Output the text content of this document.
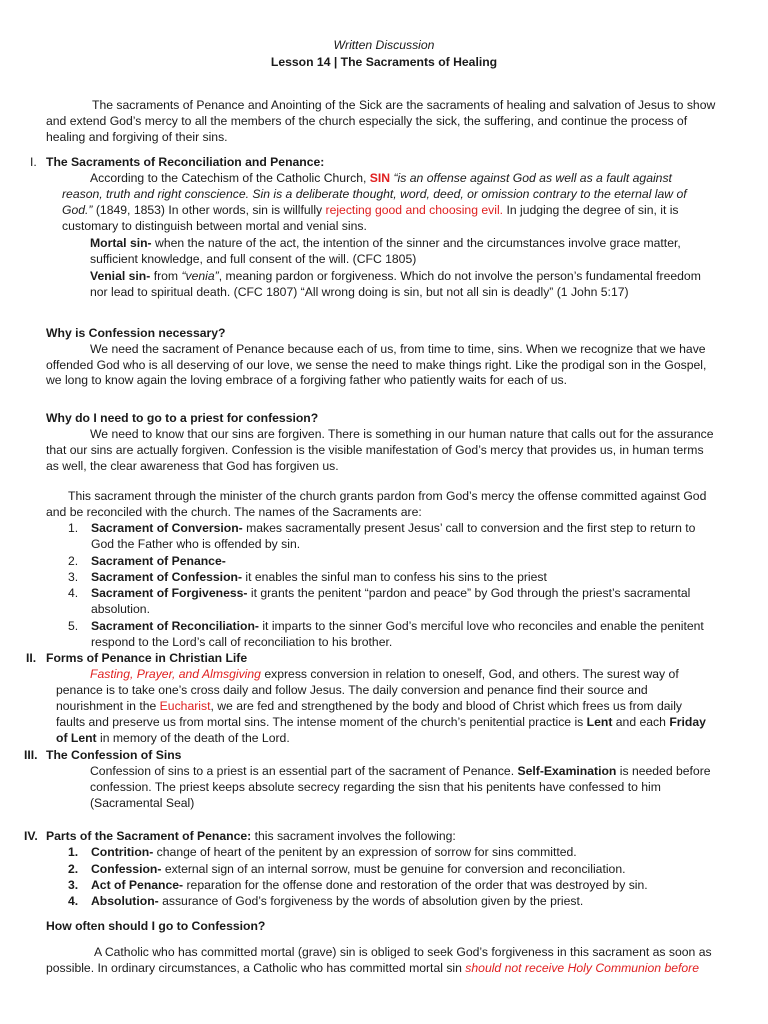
Written Discussion
Lesson 14 | The Sacraments of Healing
The sacraments of Penance and Anointing of the Sick are the sacraments of healing and salvation of Jesus to show
and extend God’s mercy to all the members of the church especially the sick, the suffering, and continue the process of
healing and forgiving of their sins.
I. The Sacraments of Reconciliation and Penance:
According to the Catechism of the Catholic Church, SIN “is an offense against God as well as a fault against
reason, truth and right conscience. Sin is a deliberate thought, word, deed, or omission contrary to the eternal law of
God.” (1849, 1853) In other words, sin is willfully rejecting good and choosing evil. In judging the degree of sin, it is
customary to distinguish between mortal and venial sins.
Mortal sin- when the nature of the act, the intention of the sinner and the circumstances involve grace matter,
sufficient knowledge, and full consent of the will. (CFC 1805)
Venial sin- from “venia”, meaning pardon or forgiveness. Which do not involve the person’s fundamental freedom
nor lead to spiritual death. (CFC 1807) “All wrong doing is sin, but not all sin is deadly” (1 John 5:17)
Why is Confession necessary?
We need the sacrament of Penance because each of us, from time to time, sins. When we recognize that we have
offended God who is all deserving of our love, we sense the need to make things right. Like the prodigal son in the Gospel,
we long to know again the loving embrace of a forgiving father who patiently waits for each of us.
Why do I need to go to a priest for confession?
We need to know that our sins are forgiven. There is something in our human nature that calls out for the assurance
that our sins are actually forgiven. Confession is the visible manifestation of God’s mercy that provides us, in human terms
as well, the clear awareness that God has forgiven us.
This sacrament through the minister of the church grants pardon from God’s mercy the offense committed against God
and be reconciled with the church. The names of the Sacraments are:
1. Sacrament of Conversion- makes sacramentally present Jesus’ call to conversion and the first step to return to
God the Father who is offended by sin.
2. Sacrament of Penance-
3. Sacrament of Confession- it enables the sinful man to confess his sins to the priest
4. Sacrament of Forgiveness- it grants the penitent “pardon and peace” by God through the priest’s sacramental
absolution.
5. Sacrament of Reconciliation- it imparts to the sinner God’s merciful love who reconciles and enable the penitent
respond to the Lord’s call of reconciliation to his brother.
II. Forms of Penance in Christian Life
Fasting, Prayer, and Almsgiving express conversion in relation to oneself, God, and others. The surest way of
penance is to take one’s cross daily and follow Jesus. The daily conversion and penance find their source and
nourishment in the Eucharist, we are fed and strengthened by the body and blood of Christ which frees us from daily
faults and preserve us from mortal sins. The intense moment of the church’s penitential practice is Lent and each Friday
of Lent in memory of the death of the Lord.
III. The Confession of Sins
Confession of sins to a priest is an essential part of the sacrament of Penance. Self-Examination is needed before
confession. The priest keeps absolute secrecy regarding the sisn that his penitents have confessed to him
(Sacramental Seal)
IV. Parts of the Sacrament of Penance: this sacrament involves the following:
1. Contrition- change of heart of the penitent by an expression of sorrow for sins committed.
2. Confession- external sign of an internal sorrow, must be genuine for conversion and reconciliation.
3. Act of Penance- reparation for the offense done and restoration of the order that was destroyed by sin.
4. Absolution- assurance of God’s forgiveness by the words of absolution given by the priest.
How often should I go to Confession?
A Catholic who has committed mortal (grave) sin is obliged to seek God’s forgiveness in this sacrament as soon as
possible. In ordinary circumstances, a Catholic who has committed mortal sin should not receive Holy Communion before
